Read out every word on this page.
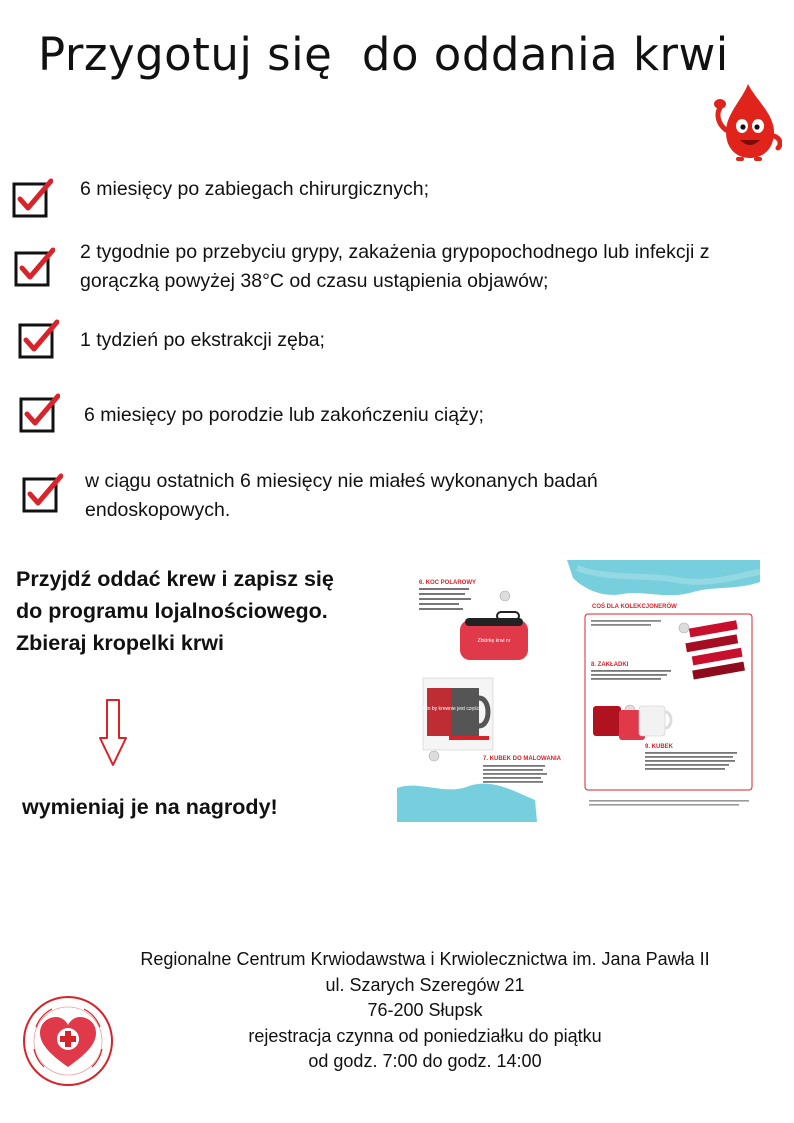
Przygotuj się  do oddania krwi
6 miesięcy po zabiegach chirurgicznych;
2 tygodnie po przebyciu grypy, zakażenia grypopochodnego lub infekcji z gorączką powyżej 38°C od czasu ustąpienia objawów;
1 tydzień po ekstrakcji zęba;
6 miesięcy po porodzie lub zakończeniu ciąży;
w ciągu ostatnich 6 miesięcy nie miałeś wykonanych badań endoskopowych.
Przyjdź oddać krew i zapisz się
do programu lojalnościowego.
Zbieraj kropelki krwi
wymieniaj je na nagrody!
6. KOC POLAROWY
Zbiórkę krwi nr
Kto by krewnie jest częścią
7. KUBEK DO MALOWANIA
COŚ DLA KOLEKCJONERÓW
8. ZAKŁADKI
9. KUBEK
Regionalne Centrum Krwiodawstwa i Krwiolecznictwa im. Jana Pawła II
ul. Szarych Szeregów 21
76-200 Słupsk
rejestracja czynna od poniedziałku do piątku
od godz. 7:00 do godz. 14:00
